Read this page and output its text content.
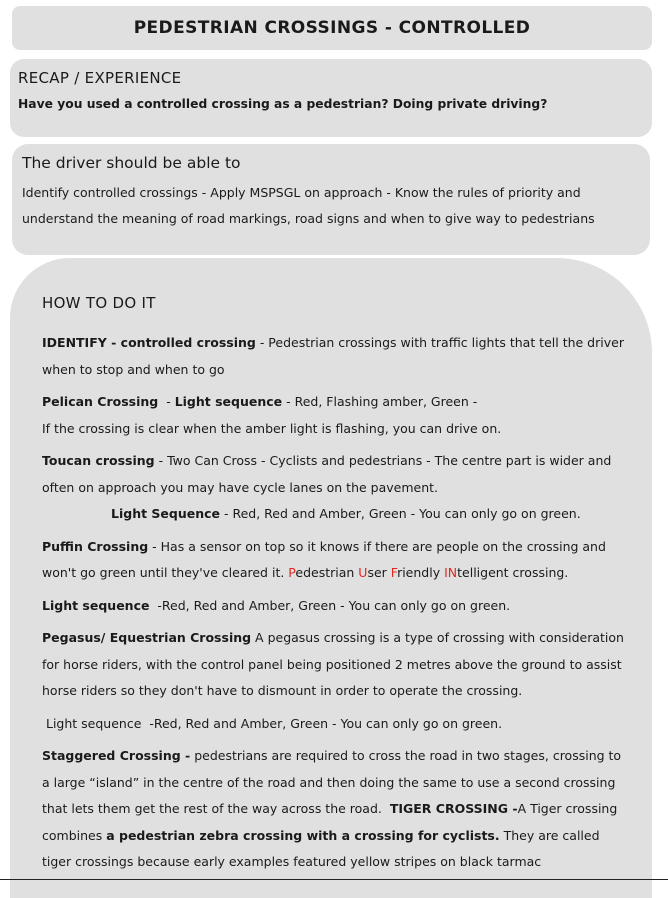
PEDESTRIAN CROSSINGS - CONTROLLED
RECAP / EXPERIENCE
Have you used a controlled crossing as a pedestrian? Doing private driving?
The driver should be able to
Identify controlled crossings - Apply MSPSGL on approach - Know the rules of priority and understand the meaning of road markings, road signs and when to give way to pedestrians
HOW TO DO IT
IDENTIFY - controlled crossing - Pedestrian crossings with traffic lights that tell the driver when to stop and when to go
Pelican Crossing  - Light sequence - Red, Flashing amber, Green -
If the crossing is clear when the amber light is flashing, you can drive on.
Toucan crossing - Two Can Cross - Cyclists and pedestrians - The centre part is wider and often on approach you may have cycle lanes on the pavement.

Light Sequence - Red, Red and Amber, Green - You can only go on green.
Puffin Crossing - Has a sensor on top so it knows if there are people on the crossing and won't go green until they've cleared it. Pedestrian User Friendly INtelligent crossing.
Light sequence  -Red, Red and Amber, Green - You can only go on green.
Pegasus/ Equestrian Crossing A pegasus crossing is a type of crossing with consideration for horse riders, with the control panel being positioned 2 metres above the ground to assist horse riders so they don't have to dismount in order to operate the crossing.
Light sequence  -Red, Red and Amber, Green - You can only go on green.
Staggered Crossing - pedestrians are required to cross the road in two stages, crossing to a large “island” in the centre of the road and then doing the same to use a second crossing that lets them get the rest of the way across the road.  TIGER CROSSING -A Tiger crossing combines a pedestrian zebra crossing with a crossing for cyclists. They are called tiger crossings because early examples featured yellow stripes on black tarmac
